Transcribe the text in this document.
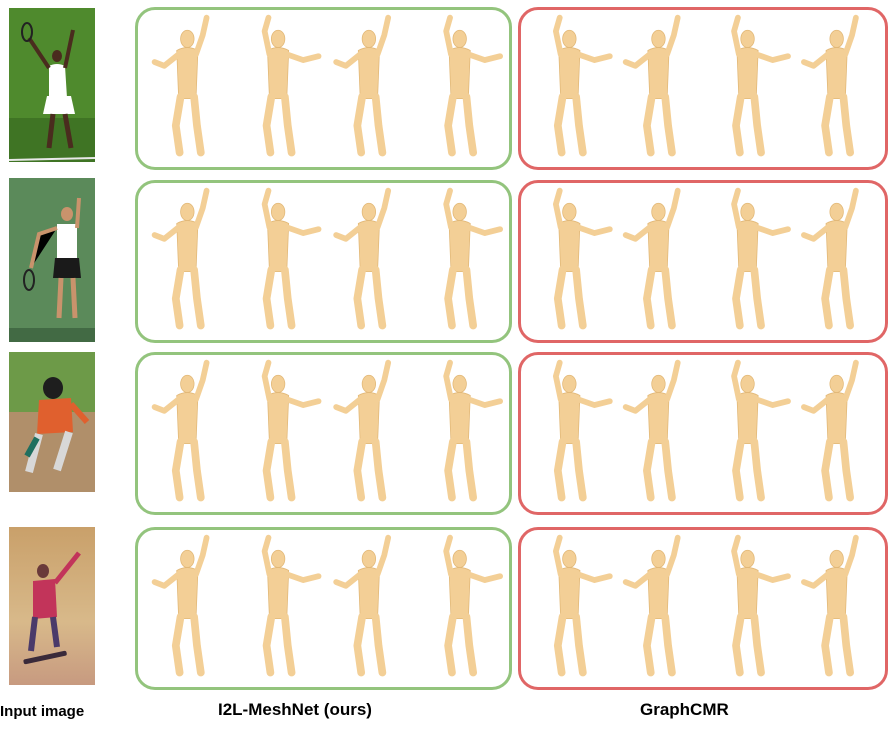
Input image	I2L-MeshNet (ours)	GraphCMR
